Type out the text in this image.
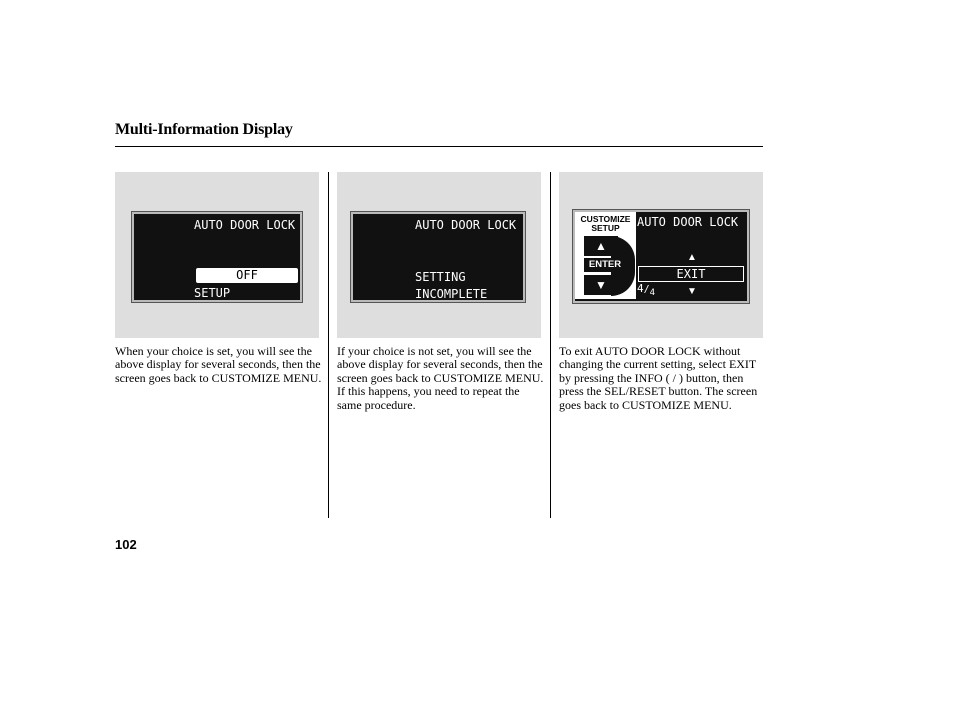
Multi-Information Display
AUTO DOOR LOCK
OFF
SETUP
AUTO DOOR LOCK
SETTING
INCOMPLETE
CUSTOMIZE
SETUP
▲
ENTER
▼
AUTO DOOR LOCK
▲
EXIT
▼
$4/_4$
When your choice is set, you will see the above display for several seconds, then the screen goes back to CUSTOMIZE MENU.
If your choice is not set, you will see the above display for several seconds, then the screen goes back to CUSTOMIZE MENU. If this happens, you need to repeat the same procedure.
To exit AUTO DOOR LOCK without changing the current setting, select EXIT by pressing the INFO ( / ) button, then press the SEL/RESET button. The screen goes back to CUSTOMIZE MENU.
102
